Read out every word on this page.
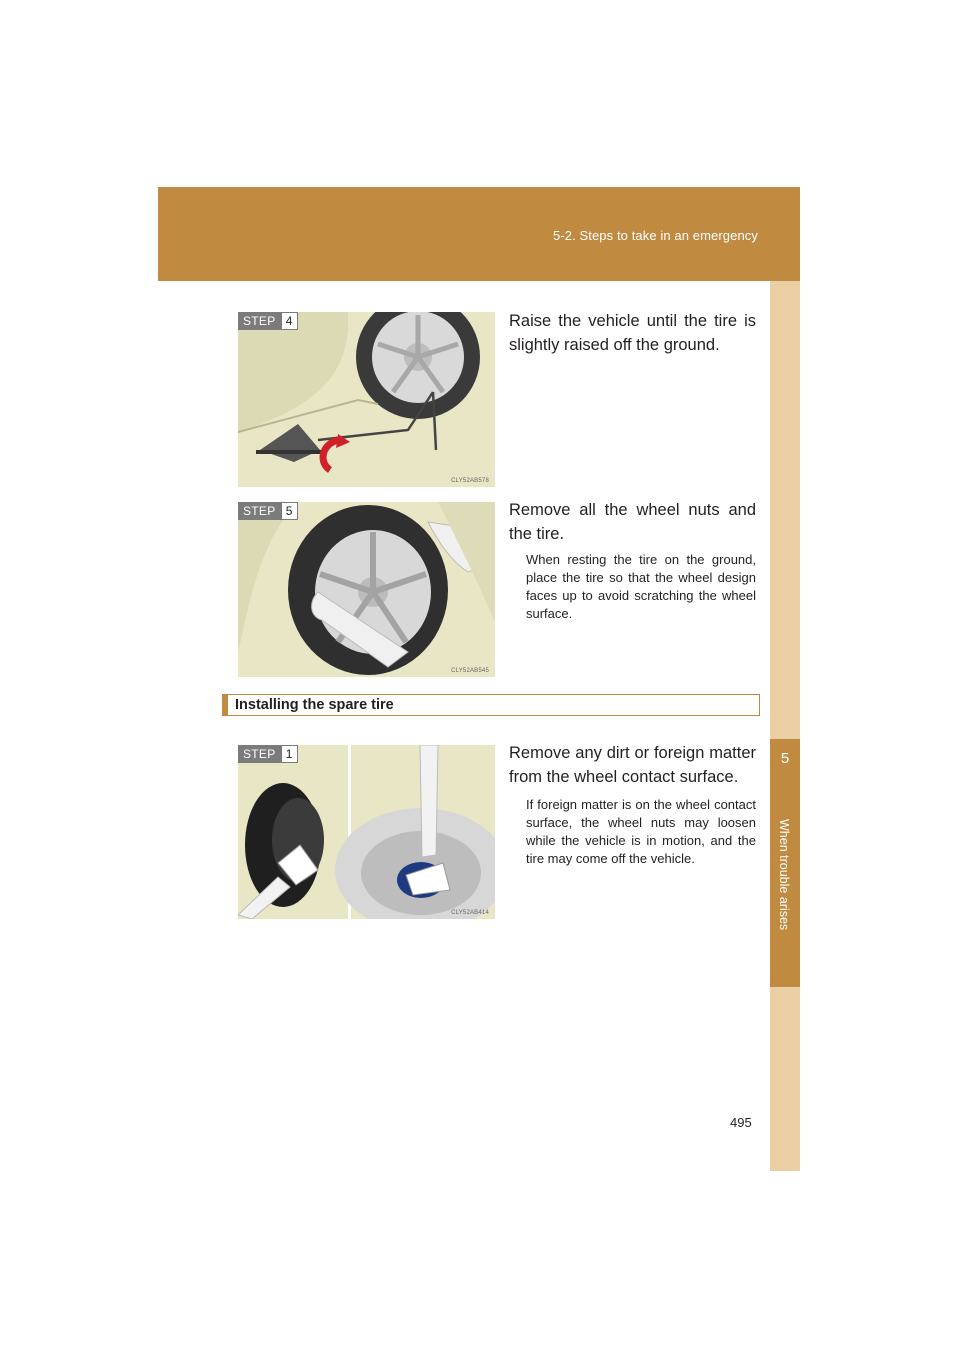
5-2. Steps to take in an emergency
5
When trouble arises
STEP 4
CLY52AB578
Raise the vehicle until the tire is slightly raised off the ground.
STEP 5
CLY52AB545
Remove all the wheel nuts and the tire.
When resting the tire on the ground, place the tire so that the wheel design faces up to avoid scratching the wheel surface.
Installing the spare tire
STEP 1
CLY52AB414
Remove any dirt or foreign matter from the wheel contact surface.
If foreign matter is on the wheel contact surface, the wheel nuts may loosen while the vehicle is in motion, and the tire may come off the vehicle.
495
